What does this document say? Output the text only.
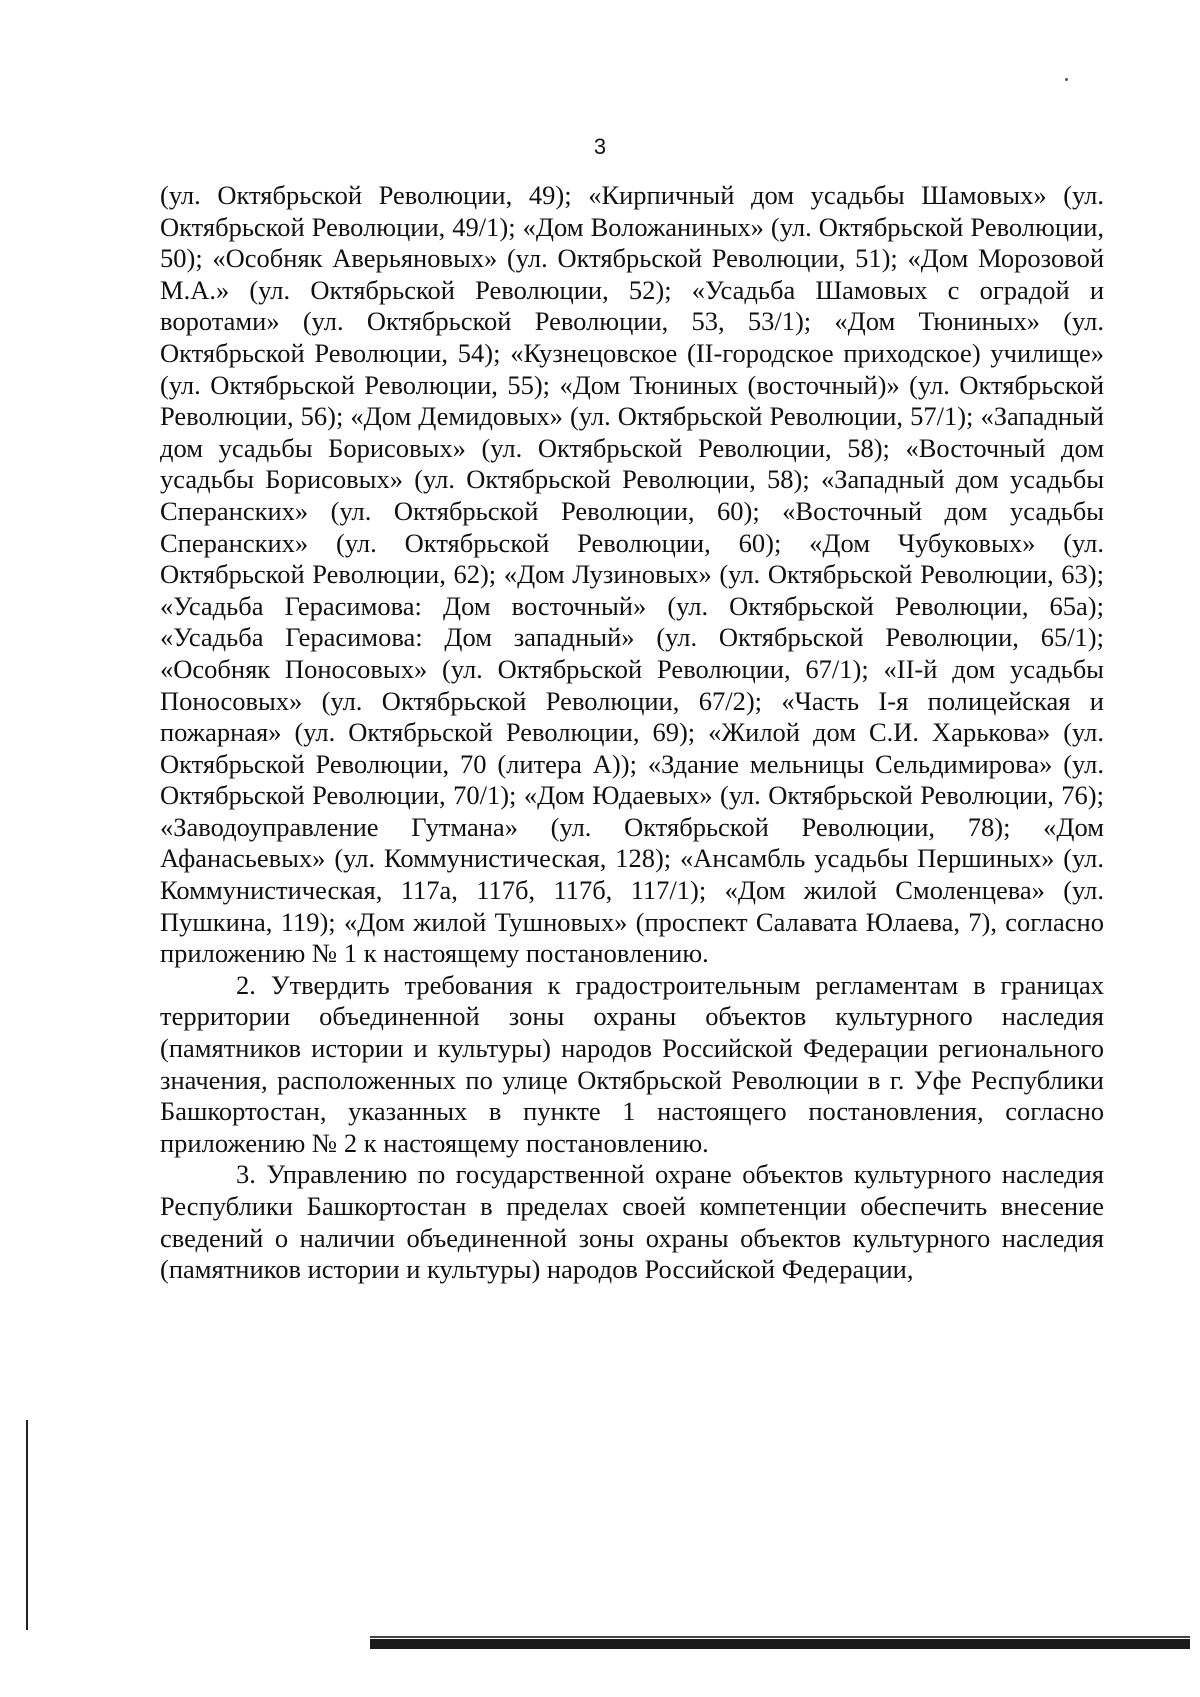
3

(ул. Октябрьской Революции, 49); «Кирпичный дом усадьбы Шамовых» (ул. Октябрьской Революции, 49/1); «Дом Воложаниных» (ул. Октябрьской Революции, 50); «Особняк Аверьяновых» (ул. Октябрьской Революции, 51); «Дом Морозовой М.А.» (ул. Октябрьской Революции, 52); «Усадьба Шамовых с оградой и воротами» (ул. Октябрьской Революции, 53, 53/1); «Дом Тюниных» (ул. Октябрьской Революции, 54); «Кузнецовское (II-городское приходское) училище» (ул. Октябрьской Революции, 55); «Дом Тюниных (восточный)» (ул. Октябрьской Революции, 56); «Дом Демидовых» (ул. Октябрьской Революции, 57/1); «Западный дом усадьбы Борисовых» (ул. Октябрьской Революции, 58); «Восточный дом усадьбы Борисовых» (ул. Октябрьской Революции, 58); «Западный дом усадьбы Сперанских» (ул. Октябрьской Революции, 60); «Восточный дом усадьбы Сперанских» (ул. Октябрьской Революции, 60); «Дом Чубуковых» (ул. Октябрьской Революции, 62); «Дом Лузиновых» (ул. Октябрьской Революции, 63); «Усадьба Герасимова: Дом восточный» (ул. Октябрьской Революции, 65а); «Усадьба Герасимова: Дом западный» (ул. Октябрьской Революции, 65/1); «Особняк Поносовых» (ул. Октябрьской Революции, 67/1); «II-й дом усадьбы Поносовых» (ул. Октябрьской Революции, 67/2); «Часть I-я полицейская и пожарная» (ул. Октябрьской Революции, 69); «Жилой дом С.И. Харькова» (ул. Октябрьской Революции, 70 (литера А)); «Здание мельницы Сельдимирова» (ул. Октябрьской Революции, 70/1); «Дом Юдаевых» (ул. Октябрьской Революции, 76); «Заводоуправление Гутмана» (ул. Октябрьской Революции, 78); «Дом Афанасьевых» (ул. Коммунистическая, 128); «Ансамбль усадьбы Першиных» (ул. Коммунистическая, 117а, 117б, 117б, 117/1); «Дом жилой Смоленцева» (ул. Пушкина, 119); «Дом жилой Тушновых» (проспект Салавата Юлаева, 7), согласно приложению № 1 к настоящему постановлению.

2. Утвердить требования к градостроительным регламентам в границах территории объединенной зоны охраны объектов культурного наследия (памятников истории и культуры) народов Российской Федерации регионального значения, расположенных по улице Октябрьской Революции в г. Уфе Республики Башкортостан, указанных в пункте 1 настоящего постановления, согласно приложению № 2 к настоящему постановлению.

3. Управлению по государственной охране объектов культурного наследия Республики Башкортостан в пределах своей компетенции обеспечить внесение сведений о наличии объединенной зоны охраны объектов культурного наследия (памятников истории и культуры) народов Российской Федерации,
